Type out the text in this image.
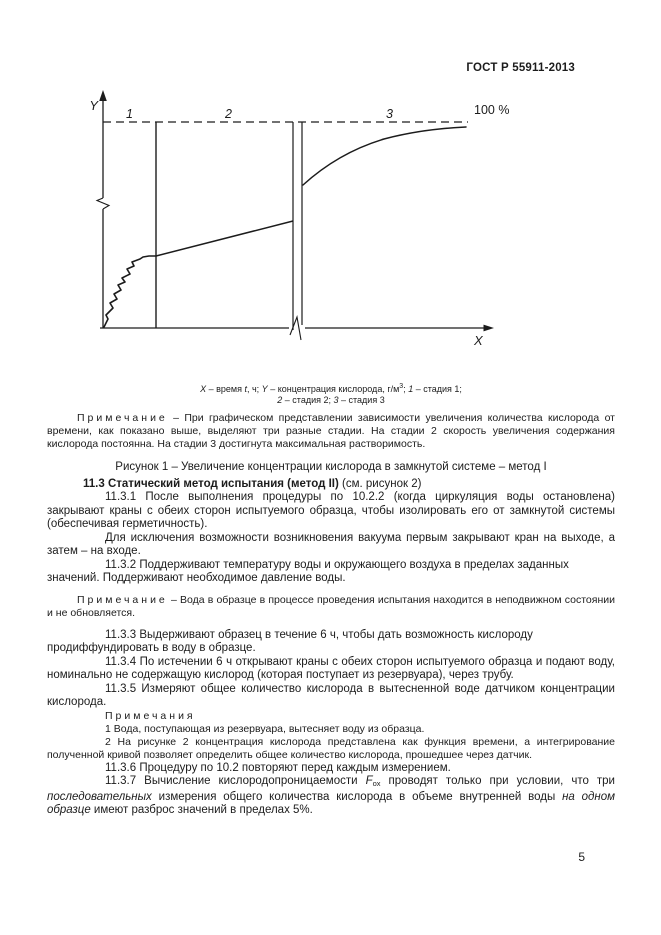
ГОСТ Р 55911-2013
Y
X
1	2	3	100 %
X – время t, ч; Y – концентрация кислорода, $г/м^3$; 1 – стадия 1;
2 – стадия 2; 3 – стадия 3

Примечание – При графическом представлении зависимости увеличения количества кислорода от времени, как показано выше, выделяют три разные стадии. На стадии 2 скорость увеличения содержания кислорода постоянна. На стадии 3 достигнута максимальная растворимость.

Рисунок 1 – Увеличение концентрации кислорода в замкнутой системе – метод I

11.3 Статический метод испытания (метод II) (см. рисунок 2)

11.3.1 После выполнения процедуры по 10.2.2 (когда циркуляция воды остановлена) закрывают краны с обеих сторон испытуемого образца, чтобы изолировать его от замкнутой системы (обеспечивая герметичность).

Для исключения возможности возникновения вакуума первым закрывают кран на выходе, а затем – на входе.

11.3.2 Поддерживают температуру воды и окружающего воздуха в пределах заданных значений. Поддерживают необходимое давление воды.

Примечание – Вода в образце в процессе проведения испытания находится в неподвижном состоянии и не обновляется.

11.3.3 Выдерживают образец в течение 6 ч, чтобы дать возможность кислороду продиффундировать в воду в образце.

11.3.4 По истечении 6 ч открывают краны с обеих сторон испытуемого образца и подают воду, номинально не содержащую кислород (которая поступает из резервуара), через трубу.

11.3.5 Измеряют общее количество кислорода в вытесненной воде датчиком концентрации кислорода.

Примечания

1 Вода, поступающая из резервуара, вытесняет воду из образца.

2 На рисунке 2 концентрация кислорода представлена как функция времени, а интегрирование полученной кривой позволяет определить общее количество кислорода, прошедшее через датчик.

11.3.6 Процедуру по 10.2 повторяют перед каждым измерением.

11.3.7 Вычисление кислородопроницаемости Fox проводят только при условии, что три последовательных измерения общего количества кислорода в объеме внутренней воды на одном образце имеют разброс значений в пределах 5%.

5
